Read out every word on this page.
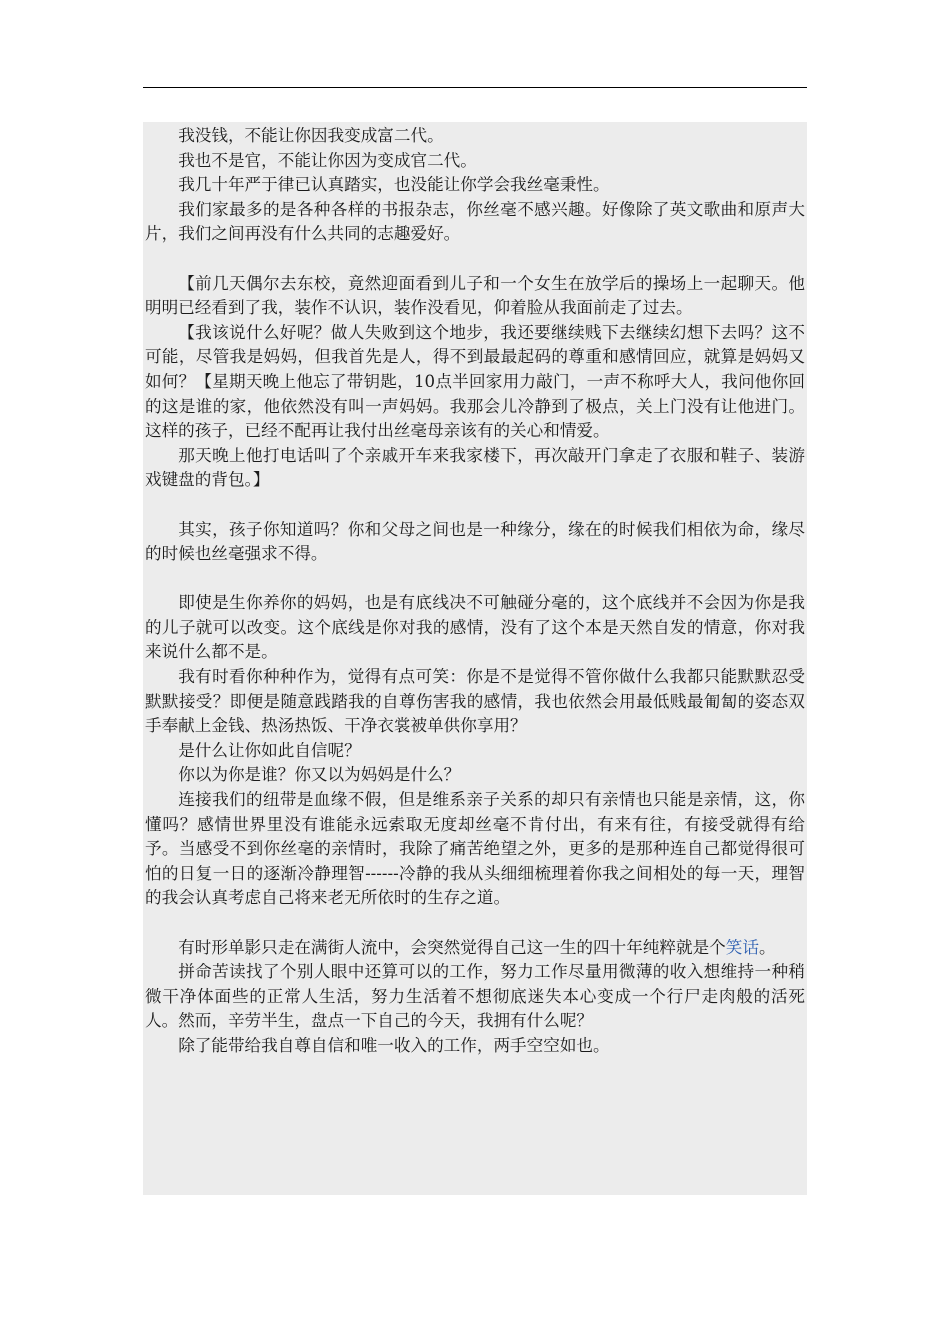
我没钱，不能让你因我变成富二代。

我也不是官，不能让你因为变成官二代。

我几十年严于律已认真踏实，也没能让你学会我丝毫秉性。

我们家最多的是各种各样的书报杂志，你丝毫不感兴趣。好像除了英文歌曲和原声大片，我们之间再没有什么共同的志趣爱好。

【前几天偶尔去东校，竟然迎面看到儿子和一个女生在放学后的操场上一起聊天。他明明已经看到了我，装作不认识，装作没看见，仰着脸从我面前走了过去。

【我该说什么好呢？做人失败到这个地步，我还要继续贱下去继续幻想下去吗？这不可能，尽管我是妈妈，但我首先是人，得不到最最起码的尊重和感情回应，就算是妈妈又如何？【星期天晚上他忘了带钥匙，10点半回家用力敲门，一声不称呼大人，我问他你回的这是谁的家，他依然没有叫一声妈妈。我那会儿冷静到了极点，关上门没有让他进门。这样的孩子，已经不配再让我付出丝毫母亲该有的关心和情爱。

那天晚上他打电话叫了个亲戚开车来我家楼下，再次敲开门拿走了衣服和鞋子、装游戏键盘的背包。】

其实，孩子你知道吗？你和父母之间也是一种缘分，缘在的时候我们相依为命，缘尽的时候也丝毫强求不得。

即使是生你养你的妈妈，也是有底线决不可触碰分毫的，这个底线并不会因为你是我的儿子就可以改变。这个底线是你对我的感情，没有了这个本是天然自发的情意，你对我来说什么都不是。

我有时看你种种作为，觉得有点可笑：你是不是觉得不管你做什么我都只能默默忍受默默接受？即便是随意践踏我的自尊伤害我的感情，我也依然会用最低贱最匍匐的姿态双手奉献上金钱、热汤热饭、干净衣裳被单供你享用？

是什么让你如此自信呢？

你以为你是谁？你又以为妈妈是什么？

连接我们的纽带是血缘不假，但是维系亲子关系的却只有亲情也只能是亲情，这，你懂吗？感情世界里没有谁能永远索取无度却丝毫不肯付出，有来有往，有接受就得有给予。当感受不到你丝毫的亲情时，我除了痛苦绝望之外，更多的是那种连自己都觉得很可怕的日复一日的逐渐冷静理智------冷静的我从头细细梳理着你我之间相处的每一天，理智的我会认真考虑自己将来老无所依时的生存之道。

有时形单影只走在满街人流中，会突然觉得自己这一生的四十年纯粹就是个笑话。

拼命苦读找了个别人眼中还算可以的工作，努力工作尽量用微薄的收入想维持一种稍微干净体面些的正常人生活，努力生活着不想彻底迷失本心变成一个行尸走肉般的活死人。然而，辛劳半生，盘点一下自己的今天，我拥有什么呢？

除了能带给我自尊自信和唯一收入的工作，两手空空如也。
